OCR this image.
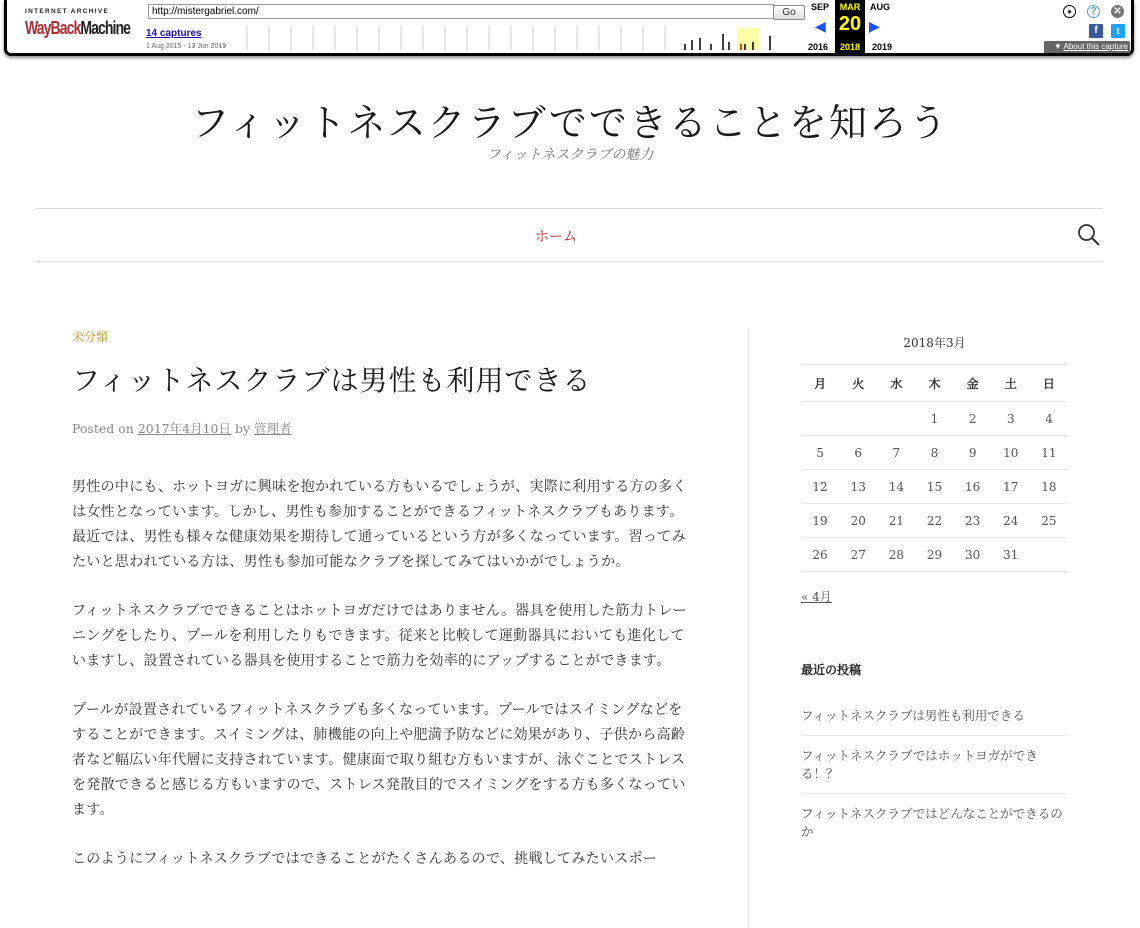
INTERNET ARCHIVE
WayBackMachine
http://mistergabriel.com/	Go
14 captures
1 Aug 2015 - 13 Jun 2019
SEP	AUG
◀	▶
2016	2019
MAR
20
2018
●	?	✕
f	t
▼ About this capture
フィットネスクラブでできることを知ろう
フィットネスクラブの魅力
ホーム
未分類
フィットネスクラブは男性も利用できる
Posted on 2017年4月10日 by 管理者

男性の中にも、ホットヨガに興味を抱かれている方もいるでしょうが、実際に利用する方の多くは女性となっています。しかし、男性も参加することができるフィットネスクラブもあります。最近では、男性も様々な健康効果を期待して通っているという方が多くなっています。習ってみたいと思われている方は、男性も参加可能なクラブを探してみてはいかがでしょうか。

フィットネスクラブでできることはホットヨガだけではありません。器具を使用した筋力トレーニングをしたり、プールを利用したりもできます。従来と比較して運動器具においても進化していますし、設置されている器具を使用することで筋力を効率的にアップすることができます。

プールが設置されているフィットネスクラブも多くなっています。プールではスイミングなどをすることができます。スイミングは、肺機能の向上や肥満予防などに効果があり、子供から高齢者など幅広い年代層に支持されています。健康面で取り組む方もいますが、泳ぐことでストレスを発散できると感じる方もいますので、ストレス発散目的でスイミングをする方も多くなっています。

このようにフィットネスクラブではできることがたくさんあるので、挑戦してみたいスポー

2018年3月
月	火	水	木	金	土	日
			1	2	3	4
5	6	7	8	9	10	11
12	13	14	15	16	17	18
19	20	21	22	23	24	25
26	27	28	29	30	31	
« 4月
最近の投稿
フィットネスクラブは男性も利用できる
フィットネスクラブではホットヨガができる！？
フィットネスクラブではどんなことができるのか
